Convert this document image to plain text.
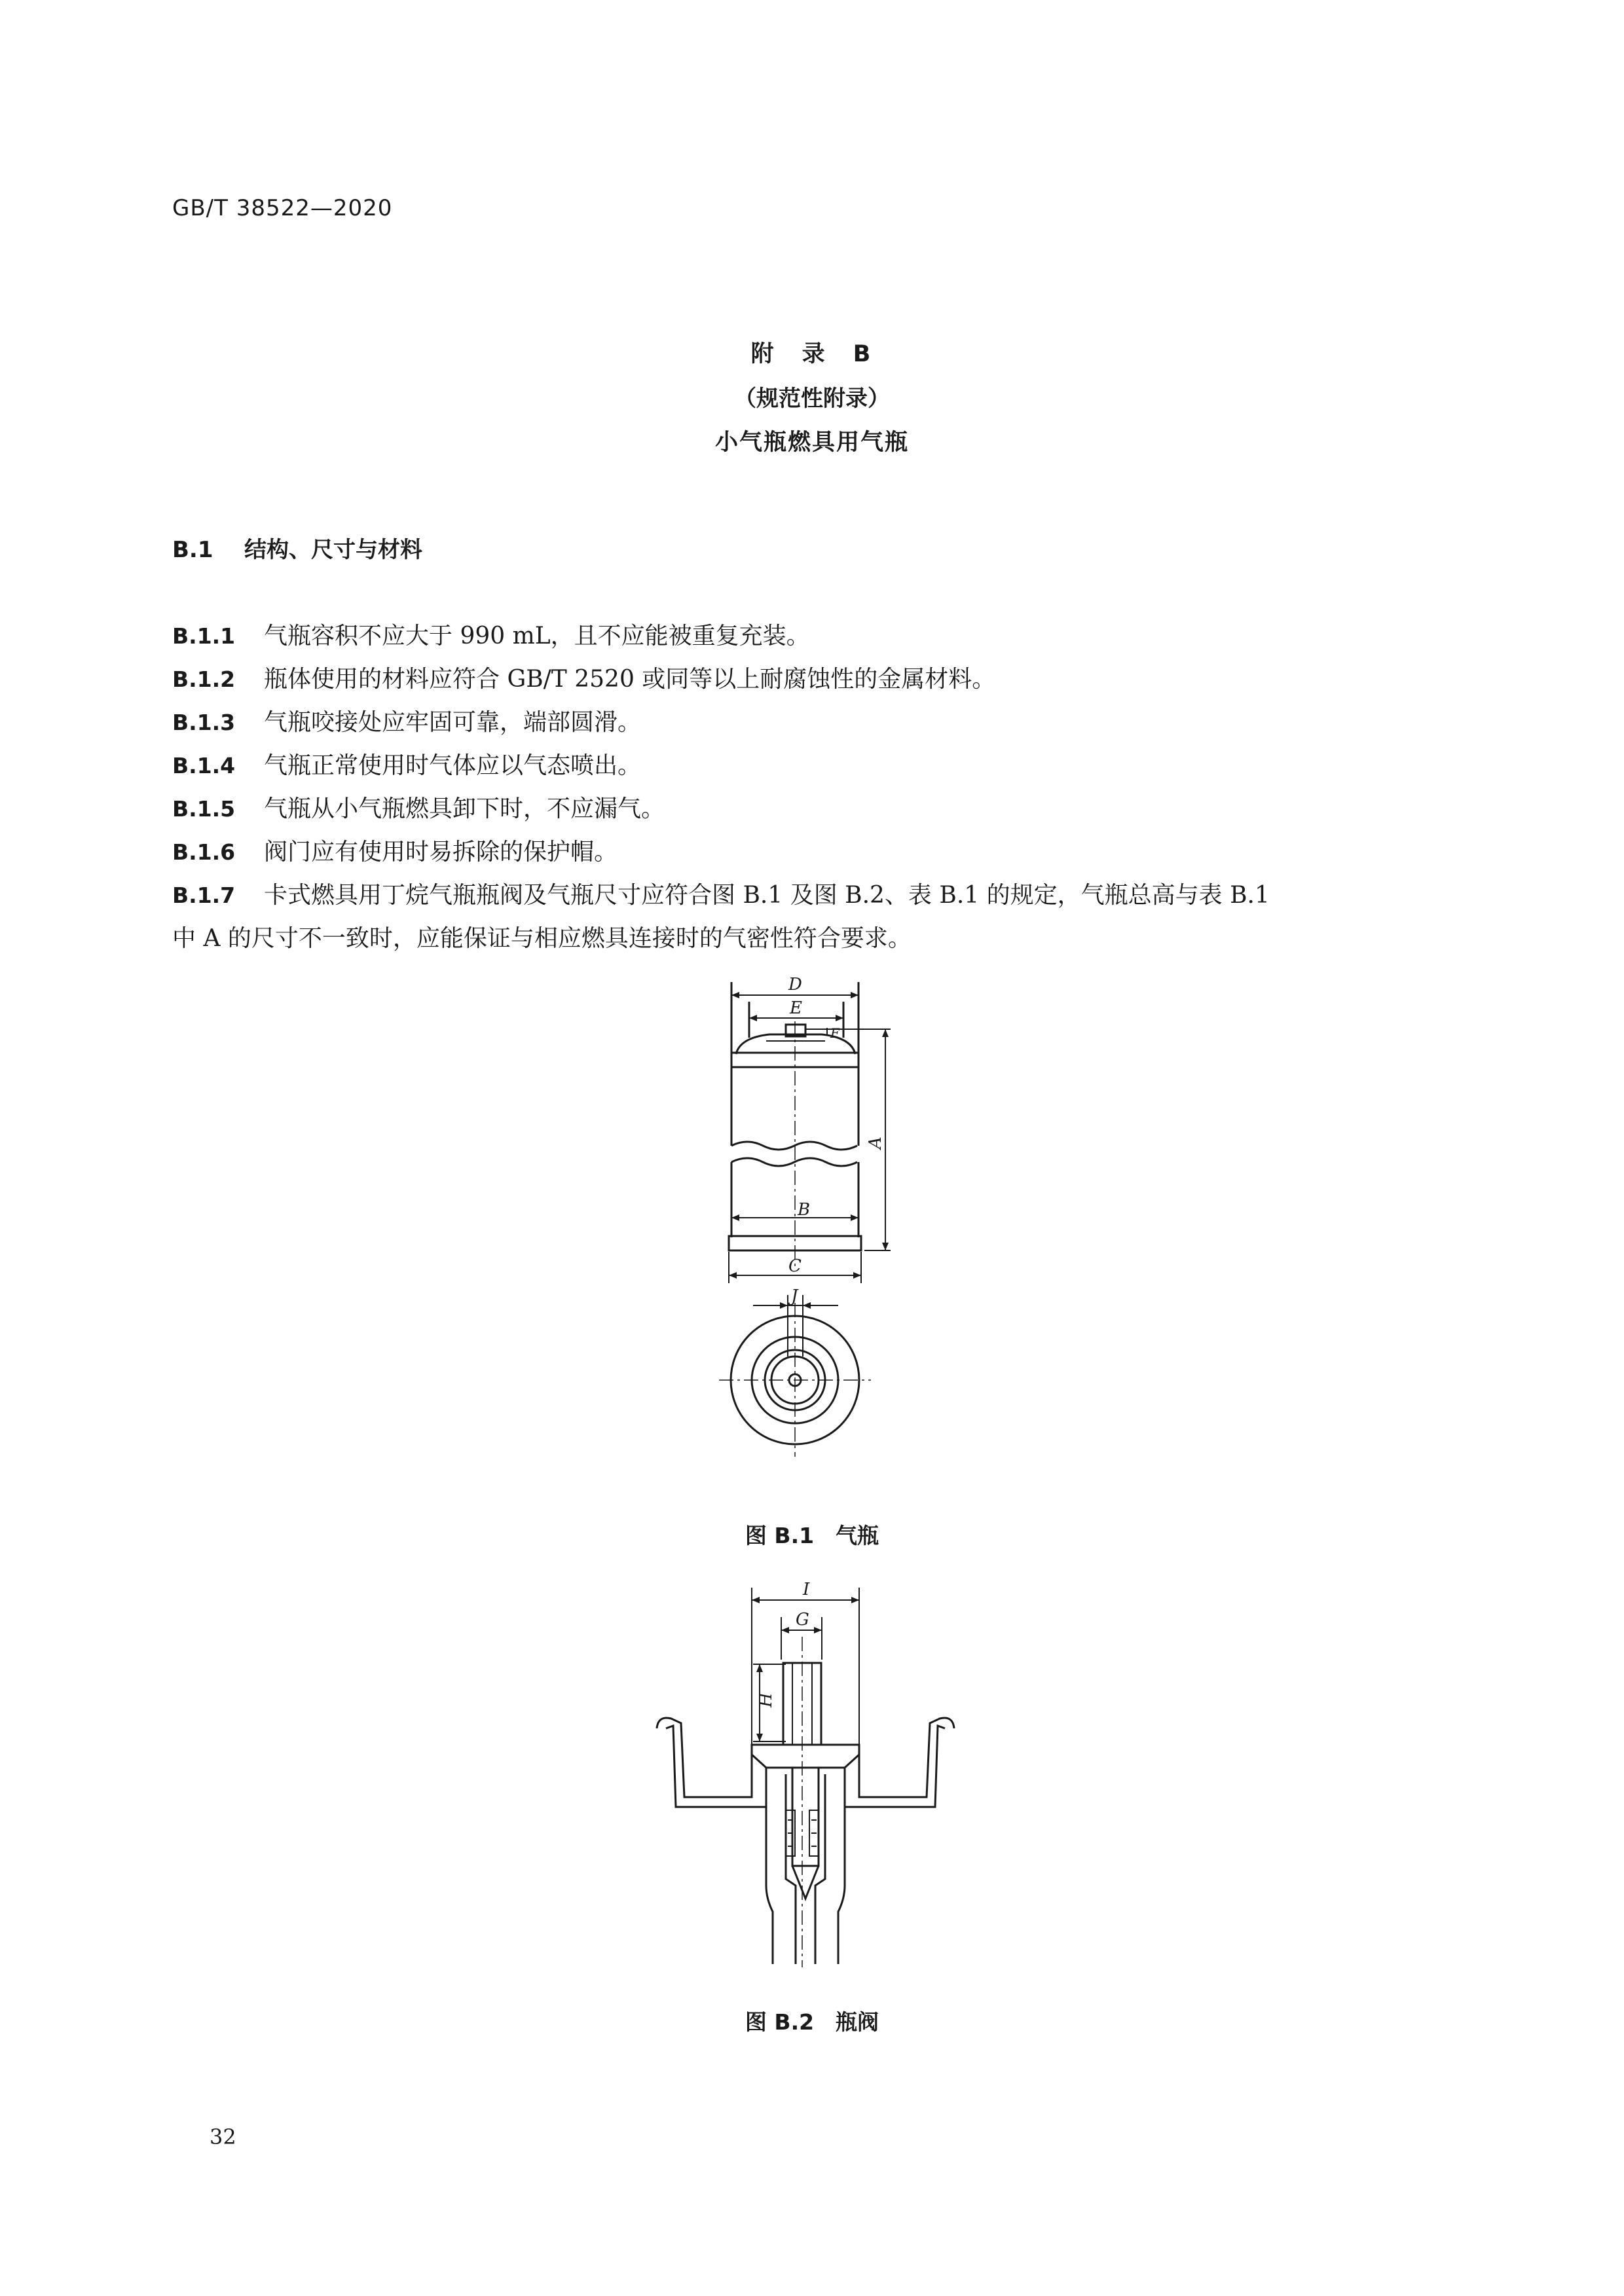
GB/T 38522—2020
附　录　B
（规范性附录）
小气瓶燃具用气瓶
B.1 结构、尺寸与材料
B.1.1 气瓶容积不应大于 990 mL，且不应能被重复充装。
B.1.2 瓶体使用的材料应符合 GB/T 2520 或同等以上耐腐蚀性的金属材料。
B.1.3 气瓶咬接处应牢固可靠，端部圆滑。
B.1.4 气瓶正常使用时气体应以气态喷出。
B.1.5 气瓶从小气瓶燃具卸下时，不应漏气。
B.1.6 阀门应有使用时易拆除的保护帽。
B.1.7 卡式燃具用丁烷气瓶瓶阀及气瓶尺寸应符合图 B.1 及图 B.2、表 B.1 的规定，气瓶总高与表 B.1
中 A 的尺寸不一致时，应能保证与相应燃具连接时的气密性符合要求。
D
E
F
A
B
C
J
图 B.1　气瓶
I
G
H
图 B.2　瓶阀
32
